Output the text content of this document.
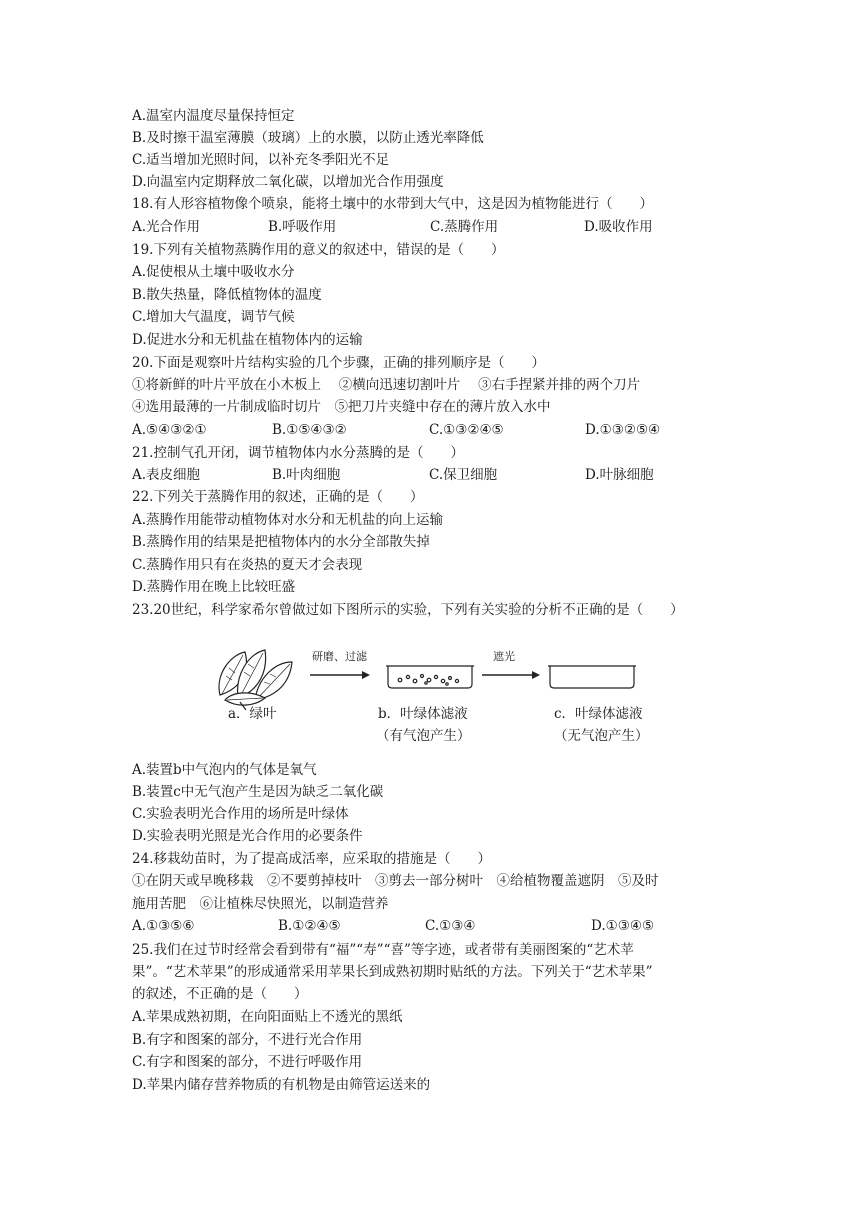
A.温室内温度尽量保持恒定
B.及时擦干温室薄膜（玻璃）上的水膜，以防止透光率降低
C.适当增加光照时间，以补充冬季阳光不足
D.向温室内定期释放二氧化碳，以增加光合作用强度
18.有人形容植物像个喷泉，能将土壤中的水带到大气中，这是因为植物能进行（　　）
A.光合作用	B.呼吸作用	C.蒸腾作用	D.吸收作用
19.下列有关植物蒸腾作用的意义的叙述中，错误的是（　　）
A.促使根从土壤中吸收水分
B.散失热量，降低植物体的温度
C.增加大气温度，调节气候
D.促进水分和无机盐在植物体内的运输
20.下面是观察叶片结构实验的几个步骤，正确的排列顺序是（　　）
①将新鲜的叶片平放在小木板上　 ②横向迅速切割叶片　 ③右手捏紧并排的两个刀片
④选用最薄的一片制成临时切片　⑤把刀片夹缝中存在的薄片放入水中
A.⑤④③②①	B.①⑤④③②	C.①③②④⑤	D.①③②⑤④
21.控制气孔开闭，调节植物体内水分蒸腾的是（　　）
A.表皮细胞	B.叶肉细胞	C.保卫细胞	D.叶脉细胞
22.下列关于蒸腾作用的叙述，正确的是（　　）
A.蒸腾作用能带动植物体对水分和无机盐的向上运输
B.蒸腾作用的结果是把植物体内的水分全部散失掉
C.蒸腾作用只有在炎热的夏天才会表现
D.蒸腾作用在晚上比较旺盛
23.20世纪，科学家希尔曾做过如下图所示的实验，下列有关实验的分析不正确的是（　　）
研磨、过滤	遮光
a．绿叶	b．叶绿体滤液
（有气泡产生）
c．叶绿体滤液
（无气泡产生）
A.装置b中气泡内的气体是氧气
B.装置c中无气泡产生是因为缺乏二氧化碳
C.实验表明光合作用的场所是叶绿体
D.实验表明光照是光合作用的必要条件
24.移栽幼苗时，为了提高成活率，应采取的措施是（　　）
①在阴天或早晚移栽　②不要剪掉枝叶　③剪去一部分树叶　④给植物覆盖遮阴　⑤及时
施用苦肥　⑥让植株尽快照光，以制造营养
A.①③⑤⑥	B.①②④⑤	C.①③④	D.①③④⑤
25.我们在过节时经常会看到带有“福”“寿”“喜”等字迹，或者带有美丽图案的“艺术苹
果”。“艺术苹果”的形成通常采用苹果长到成熟初期时贴纸的方法。下列关于“艺术苹果”
的叙述，不正确的是（　　）
A.苹果成熟初期，在向阳面贴上不透光的黑纸
B.有字和图案的部分，不进行光合作用
C.有字和图案的部分，不进行呼吸作用
D.苹果内储存营养物质的有机物是由筛管运送来的
